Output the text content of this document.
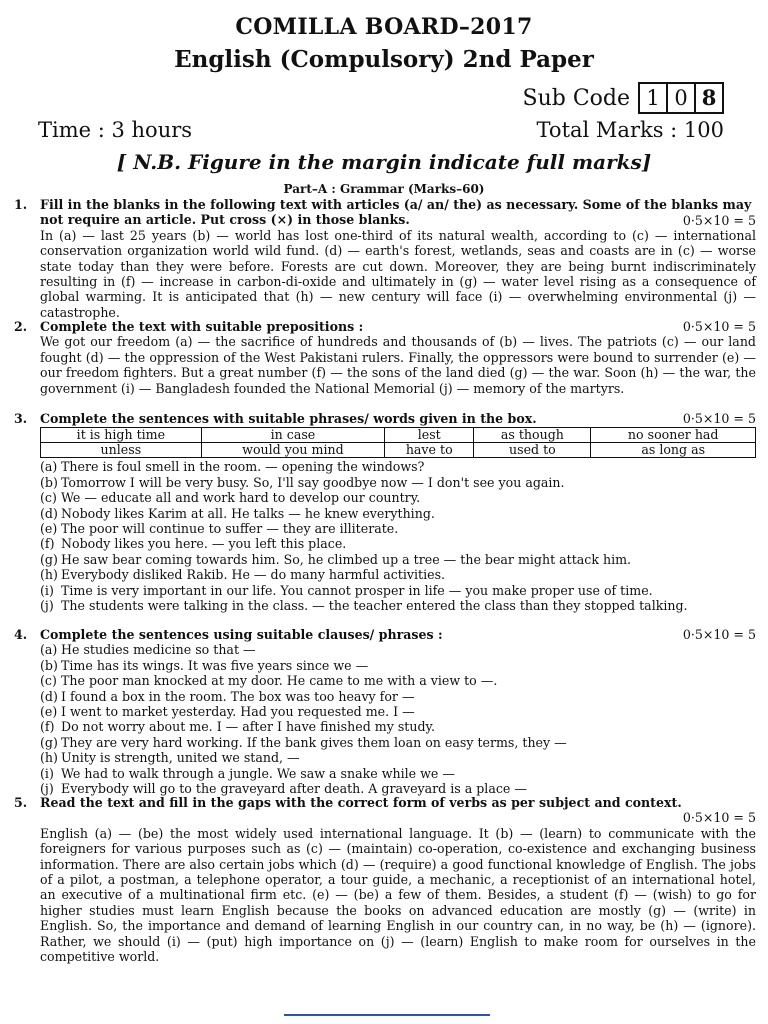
COMILLA BOARD–2017
English (Compulsory) 2nd Paper
Sub Code 1 0 8
Time : 3 hours	Total Marks : 100
[ N.B. Figure in the margin indicate full marks]
Part–A : Grammar (Marks–60)
1.	Fill in the blanks in the following text with articles (a/ an/ the) as necessary. Some of the blanks may not require an article. Put cross (×) in those blanks.	0·5×10 = 5
In (a) — last 25 years (b) — world has lost one-third of its natural wealth, according to (c) — international conservation organization world wild fund. (d) — earth's forest, wetlands, seas and coasts are in (c) — worse state today than they were before. Forests are cut down. Moreover, they are being burnt indiscriminately resulting in (f) — increase in carbon-di-oxide and ultimately in (g) — water level rising as a consequence of global warming. It is anticipated that (h) — new century will face (i) — overwhelming environmental (j) — catastrophe.
2.	Complete the text with suitable prepositions :	0·5×10 = 5
We got our freedom (a) — the sacrifice of hundreds and thousands of (b) — lives. The patriots (c) — our land fought (d) — the oppression of the West Pakistani rulers. Finally, the oppressors were bound to surrender (e) — our freedom fighters. But a great number (f) — the sons of the land died (g) — the war. Soon (h) — the war, the government (i) — Bangladesh founded the National Memorial (j) — memory of the martyrs.
3.	Complete the sentences with suitable phrases/ words given in the box.	0·5×10 = 5
it is high time	in case	lest	as though	no sooner had
unless	would you mind	have to	used to	as long as
(a) There is foul smell in the room. — opening the windows?
(b) Tomorrow I will be very busy. So, I'll say goodbye now — I don't see you again.
(c) We — educate all and work hard to develop our country.
(d) Nobody likes Karim at all. He talks — he knew everything.
(e) The poor will continue to suffer — they are illiterate.
(f) Nobody likes you here. — you left this place.
(g) He saw bear coming towards him. So, he climbed up a tree — the bear might attack him.
(h) Everybody disliked Rakib. He — do many harmful activities.
(i) Time is very important in our life. You cannot prosper in life — you make proper use of time.
(j) The students were talking in the class. — the teacher entered the class than they stopped talking.
4.	Complete the sentences using suitable clauses/ phrases :	0·5×10 = 5
(a) He studies medicine so that —
(b) Time has its wings. It was five years since we —
(c) The poor man knocked at my door. He came to me with a view to —.
(d) I found a box in the room. The box was too heavy for —
(e) I went to market yesterday. Had you requested me. I —
(f) Do not worry about me. I — after I have finished my study.
(g) They are very hard working. If the bank gives them loan on easy terms, they —
(h) Unity is strength, united we stand, —
(i) We had to walk through a jungle. We saw a snake while we —
(j) Everybody will go to the graveyard after death. A graveyard is a place —
5.	Read the text and fill in the gaps with the correct form of verbs as per subject and context.
0·5×10 = 5
English (a) — (be) the most widely used international language. It (b) — (learn) to communicate with the foreigners for various purposes such as (c) — (maintain) co-operation, co-existence and exchanging business information. There are also certain jobs which (d) — (require) a good functional knowledge of English. The jobs of a pilot, a postman, a telephone operator, a tour guide, a mechanic, a receptionist of an international hotel, an executive of a multinational firm etc. (e) — (be) a few of them. Besides, a student (f) — (wish) to go for higher studies must learn English because the books on advanced education are mostly (g) — (write) in English. So, the importance and demand of learning English in our country can, in no way, be (h) — (ignore). Rather, we should (i) — (put) high importance on (j) — (learn) English to make room for ourselves in the competitive world.
